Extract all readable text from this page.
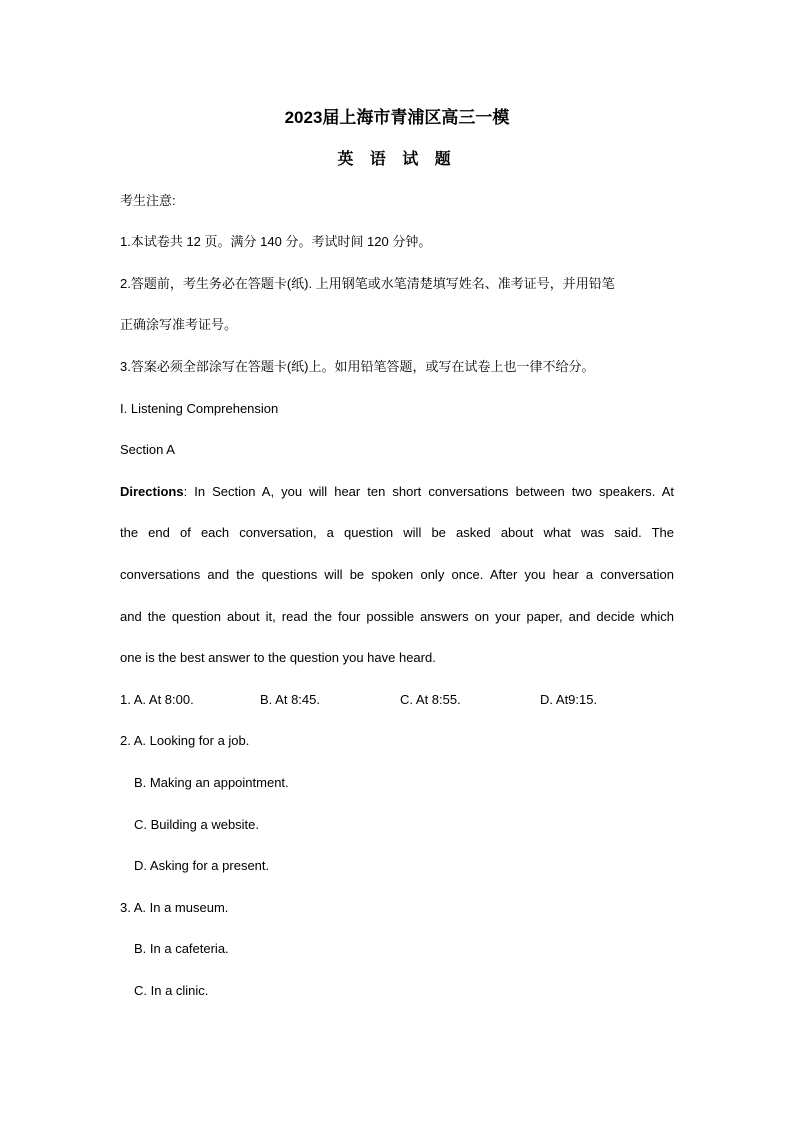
2023届上海市青浦区高三一模
英 语 试 题
考生注意:
1.本试卷共 12 页。满分 140 分。考试时间 120 分钟。
2.答题前，考生务必在答题卡(纸). 上用钢笔或水笔清楚填写姓名、准考证号，并用铅笔
正确涂写准考证号。
3.答案必须全部涂写在答题卡(纸)上。如用铅笔答题，或写在试卷上也一律不给分。
I. Listening Comprehension
Section A
Directions: In Section A, you will hear ten short conversations between two speakers. At
the end of each conversation, a question will be asked about what was said. The
conversations and the questions will be spoken only once. After you hear a conversation
and the question about it, read the four possible answers on your paper, and decide which
one is the best answer to the question you have heard.
1. A. At 8:00.	B. At 8:45.	C. At 8:55.	D. At9:15.
2. A. Looking for a job.
B. Making an appointment.
C. Building a website.
D. Asking for a present.
3. A. In a museum.
B. In a cafeteria.
C. In a clinic.
